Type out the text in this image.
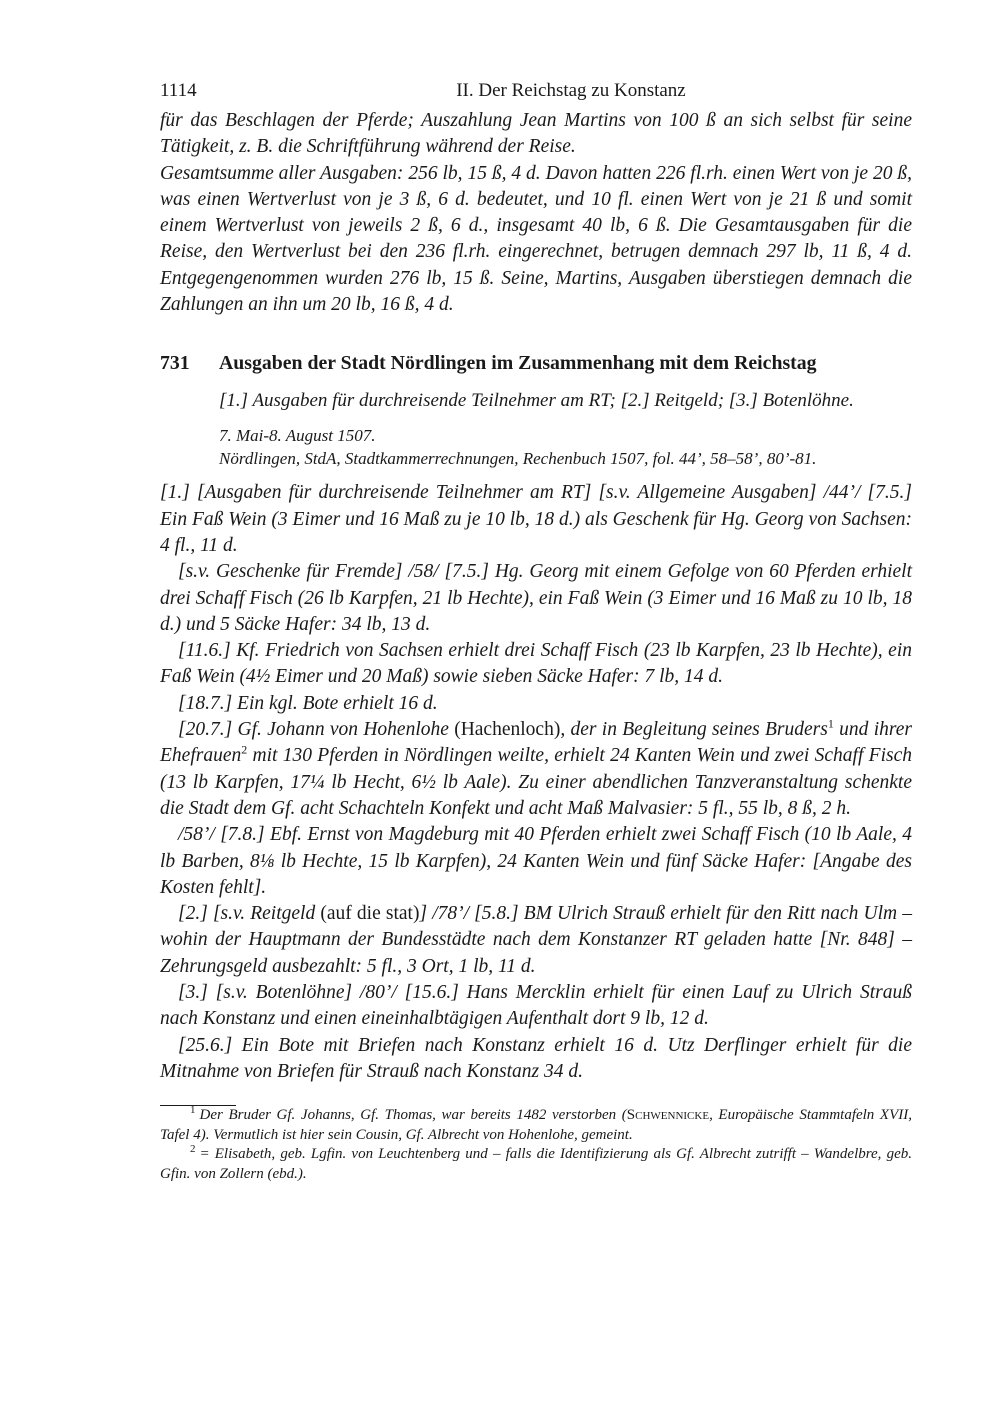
1114	II. Der Reichstag zu Konstanz

für das Beschlagen der Pferde; Auszahlung Jean Martins von 100 ß an sich selbst für seine Tätigkeit, z. B. die Schriftführung während der Reise.

Gesamtsumme aller Ausgaben: 256 lb, 15 ß, 4 d. Davon hatten 226 fl.rh. einen Wert von je 20 ß, was einen Wertverlust von je 3 ß, 6 d. bedeutet, und 10 fl. einen Wert von je 21 ß und somit einem Wertverlust von jeweils 2 ß, 6 d., insgesamt 40 lb, 6 ß. Die Gesamtausgaben für die Reise, den Wertverlust bei den 236 fl.rh. eingerechnet, betrugen demnach 297 lb, 11 ß, 4 d. Entgegengenommen wurden 276 lb, 15 ß. Seine, Martins, Ausgaben überstiegen demnach die Zahlungen an ihn um 20 lb, 16 ß, 4 d.

731 Ausgaben der Stadt Nördlingen im Zusammenhang mit dem Reichstag
[1.] Ausgaben für durchreisende Teilnehmer am RT; [2.] Reitgeld; [3.] Botenlöhne.
7. Mai-8. August 1507.
Nördlingen, StdA, Stadtkammerrechnungen, Rechenbuch 1507, fol. 44’, 58–58’, 80’-81.

[1.] [Ausgaben für durchreisende Teilnehmer am RT] [s.v. Allgemeine Ausgaben] /44’/ [7.5.] Ein Faß Wein (3 Eimer und 16 Maß zu je 10 lb, 18 d.) als Geschenk für Hg. Georg von Sachsen: 4 fl., 11 d.

[s.v. Geschenke für Fremde] /58/ [7.5.] Hg. Georg mit einem Gefolge von 60 Pferden erhielt drei Schaff Fisch (26 lb Karpfen, 21 lb Hechte), ein Faß Wein (3 Eimer und 16 Maß zu 10 lb, 18 d.) und 5 Säcke Hafer: 34 lb, 13 d.

[11.6.] Kf. Friedrich von Sachsen erhielt drei Schaff Fisch (23 lb Karpfen, 23 lb Hechte), ein Faß Wein (4½ Eimer und 20 Maß) sowie sieben Säcke Hafer: 7 lb, 14 d.

[18.7.] Ein kgl. Bote erhielt 16 d.

[20.7.] Gf. Johann von Hohenlohe (Hachenloch), der in Begleitung seines Bruders$^1$ und ihrer Ehefrauen$^2$ mit 130 Pferden in Nördlingen weilte, erhielt 24 Kanten Wein und zwei Schaff Fisch (13 lb Karpfen, 17¼ lb Hecht, 6½ lb Aale). Zu einer abendlichen Tanzveranstaltung schenkte die Stadt dem Gf. acht Schachteln Konfekt und acht Maß Malvasier: 5 fl., 55 lb, 8 ß, 2 h.

/58’/ [7.8.] Ebf. Ernst von Magdeburg mit 40 Pferden erhielt zwei Schaff Fisch (10 lb Aale, 4 lb Barben, 8⅛ lb Hechte, 15 lb Karpfen), 24 Kanten Wein und fünf Säcke Hafer: [Angabe des Kosten fehlt].

[2.] [s.v. Reitgeld (auf die stat)] /78’/ [5.8.] BM Ulrich Strauß erhielt für den Ritt nach Ulm – wohin der Hauptmann der Bundesstädte nach dem Konstanzer RT geladen hatte [Nr. 848] – Zehrungsgeld ausbezahlt: 5 fl., 3 Ort, 1 lb, 11 d.

[3.] [s.v. Botenlöhne] /80’/ [15.6.] Hans Mercklin erhielt für einen Lauf zu Ulrich Strauß nach Konstanz und einen eineinhalbtägigen Aufenthalt dort 9 lb, 12 d.

[25.6.] Ein Bote mit Briefen nach Konstanz erhielt 16 d. Utz Derflinger erhielt für die Mitnahme von Briefen für Strauß nach Konstanz 34 d.

$^1$ Der Bruder Gf. Johanns, Gf. Thomas, war bereits 1482 verstorben (Schwennicke, Europäische Stammtafeln XVII, Tafel 4). Vermutlich ist hier sein Cousin, Gf. Albrecht von Hohenlohe, gemeint.

$^2$ = Elisabeth, geb. Lgfin. von Leuchtenberg und – falls die Identifizierung als Gf. Albrecht zutrifft – Wandelbre, geb. Gfin. von Zollern (ebd.).
